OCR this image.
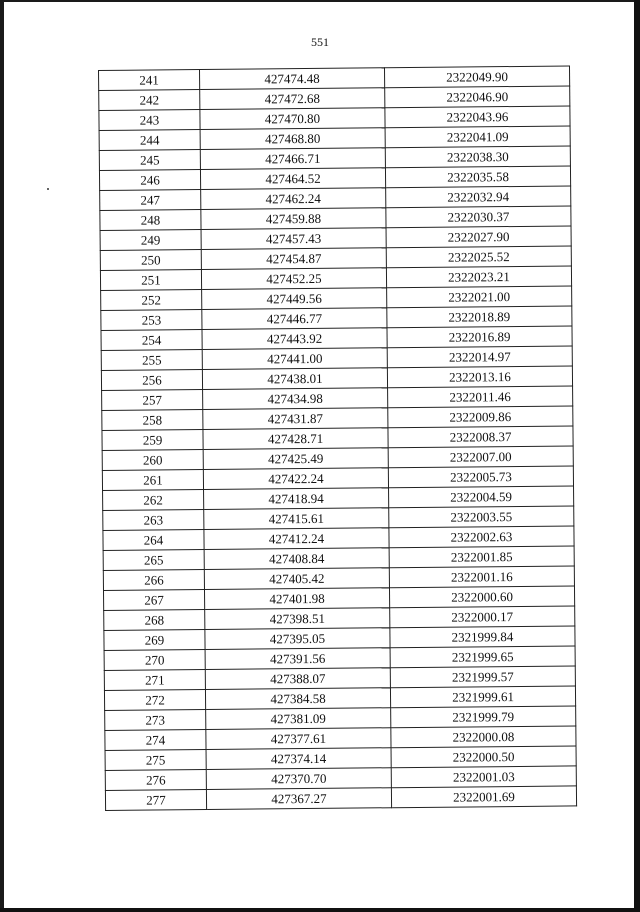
551
241	427474.48	2322049.90
242	427472.68	2322046.90
243	427470.80	2322043.96
244	427468.80	2322041.09
245	427466.71	2322038.30
246	427464.52	2322035.58
247	427462.24	2322032.94
248	427459.88	2322030.37
249	427457.43	2322027.90
250	427454.87	2322025.52
251	427452.25	2322023.21
252	427449.56	2322021.00
253	427446.77	2322018.89
254	427443.92	2322016.89
255	427441.00	2322014.97
256	427438.01	2322013.16
257	427434.98	2322011.46
258	427431.87	2322009.86
259	427428.71	2322008.37
260	427425.49	2322007.00
261	427422.24	2322005.73
262	427418.94	2322004.59
263	427415.61	2322003.55
264	427412.24	2322002.63
265	427408.84	2322001.85
266	427405.42	2322001.16
267	427401.98	2322000.60
268	427398.51	2322000.17
269	427395.05	2321999.84
270	427391.56	2321999.65
271	427388.07	2321999.57
272	427384.58	2321999.61
273	427381.09	2321999.79
274	427377.61	2322000.08
275	427374.14	2322000.50
276	427370.70	2322001.03
277	427367.27	2322001.69
